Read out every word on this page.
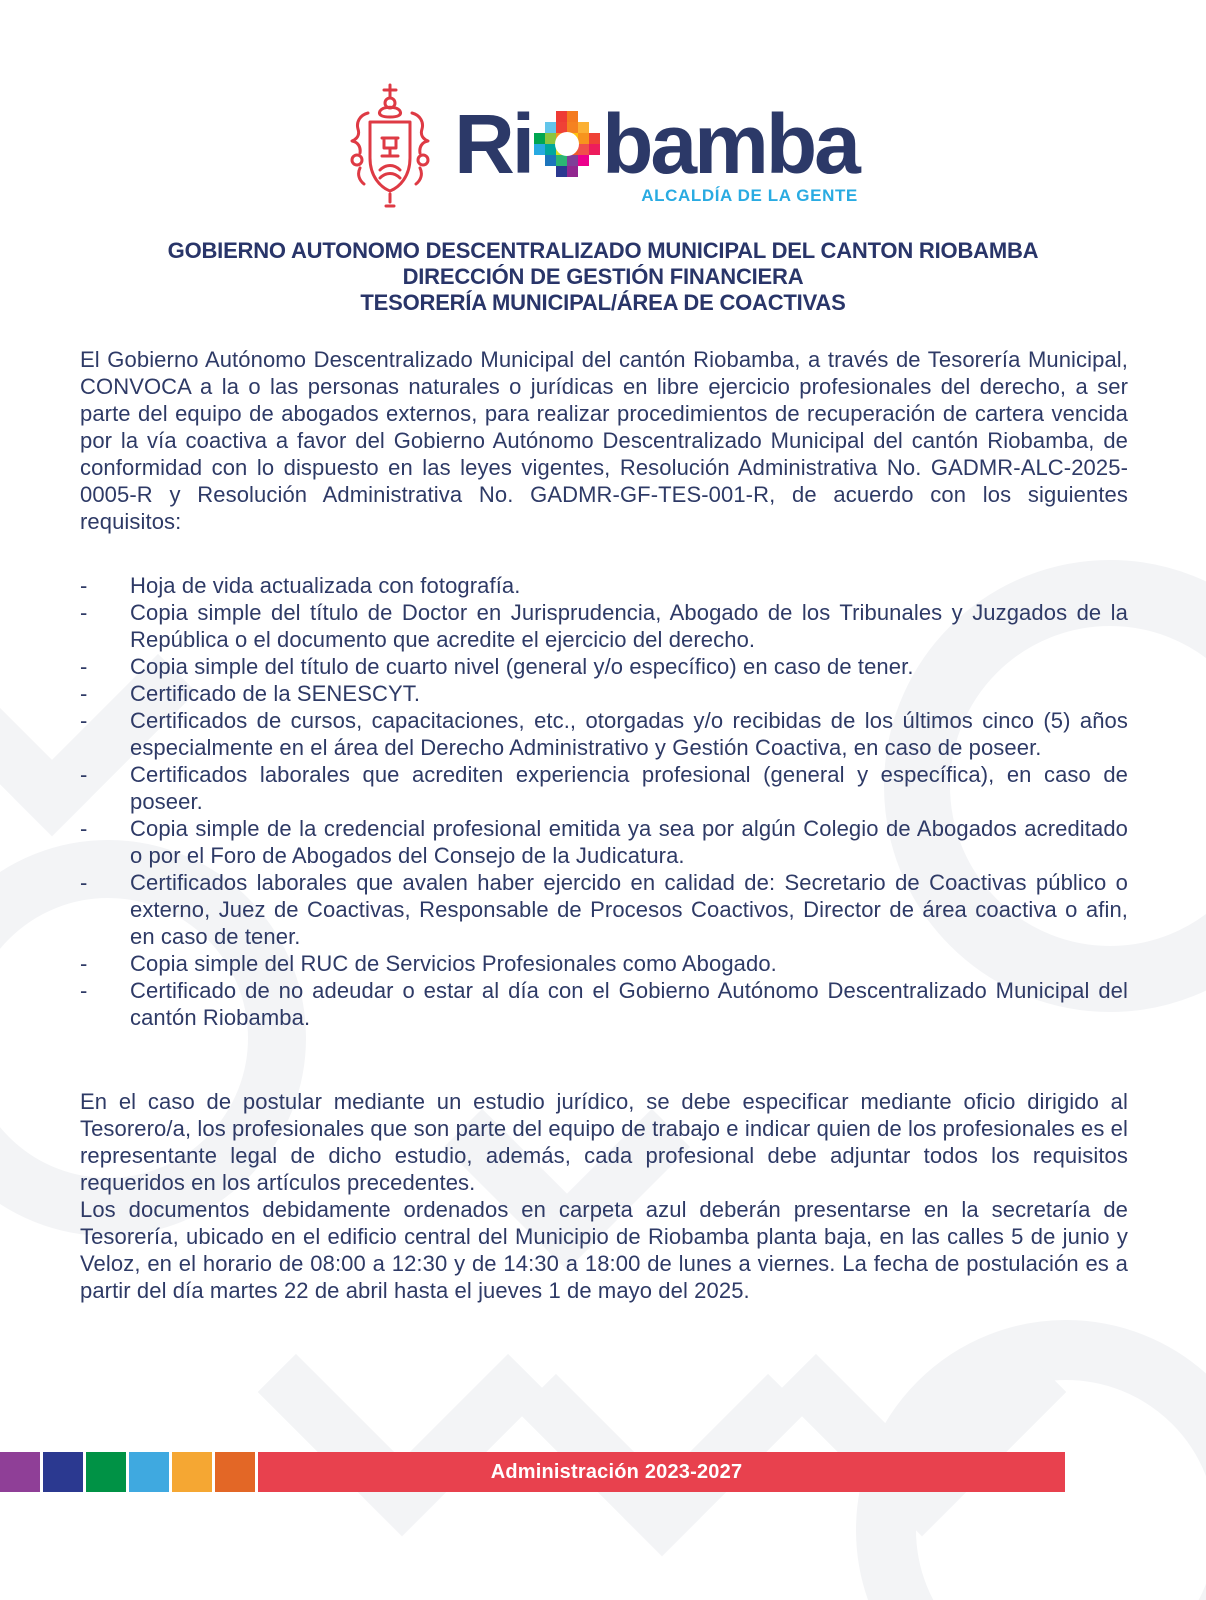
Ri bamba
ALCALDÍA DE LA GENTE
GOBIERNO AUTONOMO DESCENTRALIZADO MUNICIPAL DEL CANTON RIOBAMBA
DIRECCIÓN DE GESTIÓN FINANCIERA
TESORERÍA MUNICIPAL/ÁREA DE COACTIVAS

El Gobierno Autónomo Descentralizado Municipal del cantón Riobamba, a través de Tesorería Municipal, CONVOCA a la o las personas naturales o jurídicas en libre ejercicio profesionales del derecho, a ser parte del equipo de abogados externos, para realizar procedimientos de recuperación de cartera vencida por la vía coactiva a favor del Gobierno Autónomo Descentralizado Municipal del cantón Riobamba, de conformidad con lo dispuesto en las leyes vigentes, Resolución Administrativa No. GADMR-ALC-2025-0005-R y Resolución Administrativa No. GADMR-GF-TES-001-R, de acuerdo con los siguientes requisitos:

-	Hoja de vida actualizada con fotografía.
-	Copia simple del título de Doctor en Jurisprudencia, Abogado de los Tribunales y Juzgados de la República o el documento que acredite el ejercicio del derecho.
-	Copia simple del título de cuarto nivel (general y/o específico) en caso de tener.
-	Certificado de la SENESCYT.
-	Certificados de cursos, capacitaciones, etc., otorgadas y/o recibidas de los últimos cinco (5) años especialmente en el área del Derecho Administrativo y Gestión Coactiva, en caso de poseer.
-	Certificados laborales que acrediten experiencia profesional (general y específica), en caso de poseer.
-	Copia simple de la credencial profesional emitida ya sea por algún Colegio de Abogados acreditado o por el Foro de Abogados del Consejo de la Judicatura.
-	Certificados laborales que avalen haber ejercido en calidad de: Secretario de Coactivas público o externo, Juez de Coactivas, Responsable de Procesos Coactivos, Director de área coactiva o afin, en caso de tener.
-	Copia simple del RUC de Servicios Profesionales como Abogado.
-	Certificado de no adeudar o estar al día con el Gobierno Autónomo Descentralizado Municipal del cantón Riobamba.

En el caso de postular mediante un estudio jurídico, se debe especificar mediante oficio dirigido al Tesorero/a, los profesionales que son parte del equipo de trabajo e indicar quien de los profesionales es el representante legal de dicho estudio, además, cada profesional debe adjuntar todos los requisitos requeridos en los artículos precedentes.

Los documentos debidamente ordenados en carpeta azul deberán presentarse en la secretaría de Tesorería, ubicado en el edificio central del Municipio de Riobamba planta baja, en las calles 5 de junio y Veloz, en el horario de 08:00 a 12:30 y de 14:30 a 18:00 de lunes a viernes. La fecha de postulación es a partir del día martes 22 de abril hasta el jueves 1 de mayo del 2025.

Administración 2023-2027
